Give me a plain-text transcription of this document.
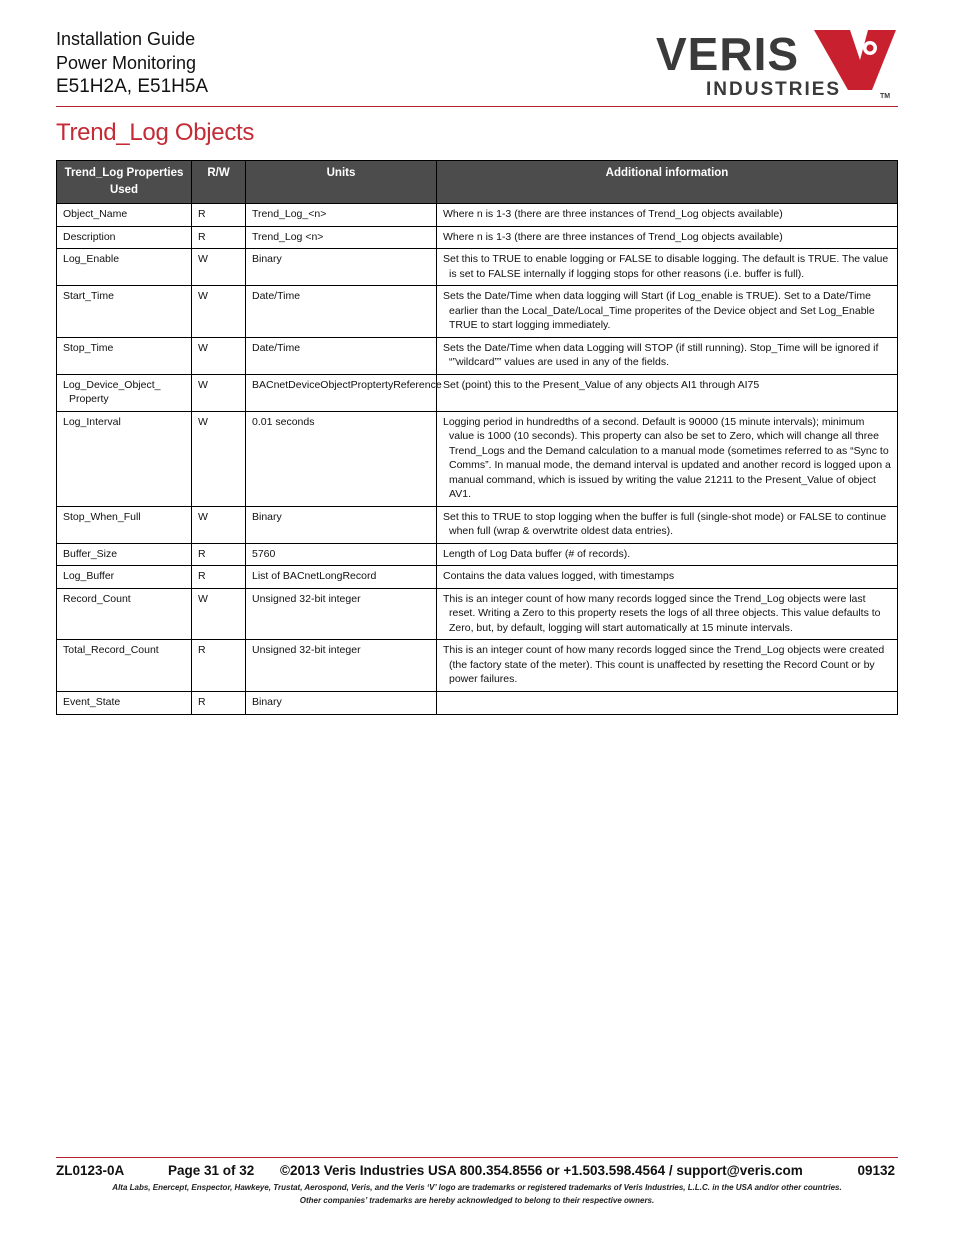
Installation Guide
Power Monitoring
E51H2A, E51H5A
VERIS
INDUSTRIES	TM
Trend_Log Objects
Trend_Log Properties Used	R/W	Units	Additional information
Object_Name	R	Trend_Log_<n>	Where n is 1-3 (there are three instances of Trend_Log objects available)
Description	R	Trend_Log <n>	Where n is 1-3 (there are three instances of Trend_Log objects available)
Log_Enable	W	Binary	Set this to TRUE to enable logging or FALSE to disable logging. The default is TRUE. The value is set to FALSE internally if logging stops for other reasons (i.e. buffer is full).
Start_Time	W	Date/Time	Sets the Date/Time when data logging will Start (if Log_enable is TRUE). Set to a Date/Time earlier than the Local_Date/Local_Time properites of the Device object and Set Log_Enable TRUE to start logging immediately.
Stop_Time	W	Date/Time	Sets the Date/Time when data Logging will STOP (if still running). Stop_Time will be ignored if “”wildcard”” values are used in any of the fields.
Log_Device_Object_ Property	W	BACnetDeviceObjectProptertyReference	Set (point) this to the Present_Value of any objects AI1 through AI75
Log_Interval	W	0.01 seconds	Logging period in hundredths of a second. Default is 90000 (15 minute intervals); minimum value is 1000 (10 seconds). This property can also be set to Zero, which will change all three Trend_Logs and the Demand calculation to a manual mode (sometimes referred to as “Sync to Comms”. In manual mode, the demand interval is updated and another record is logged upon a manual command, which is issued by writing the value 21211 to the Present_Value of object AV1.
Stop_When_Full	W	Binary	Set this to TRUE to stop logging when the buffer is full (single-shot mode) or FALSE to continue when full (wrap & overwtrite oldest data entries).
Buffer_Size	R	5760	Length of Log Data buffer (# of records).
Log_Buffer	R	List of BACnetLongRecord	Contains the data values logged, with timestamps
Record_Count	W	Unsigned 32-bit integer	This is an integer count of how many records logged since the Trend_Log objects were last reset. Writing a Zero to this property resets the logs of all three objects. This value defaults to Zero, but, by default, logging will start automatically at 15 minute intervals.
Total_Record_Count	R	Unsigned 32-bit integer	This is an integer count of how many records logged since the Trend_Log objects were created (the factory state of the meter). This count is unaffected by resetting the Record Count or by power failures.
Event_State	R	Binary	
ZL0123-0A	Page 31 of 32 ©2013 Veris Industries USA 800.354.8556 or +1.503.598.4564 / support@veris.com	09132
Alta Labs, Enercept, Enspector, Hawkeye, Trustat, Aerospond, Veris, and the Veris ‘V’ logo are trademarks or registered trademarks of Veris Industries, L.L.C. in the USA and/or other countries.
Other companies’ trademarks are hereby acknowledged to belong to their respective owners.
